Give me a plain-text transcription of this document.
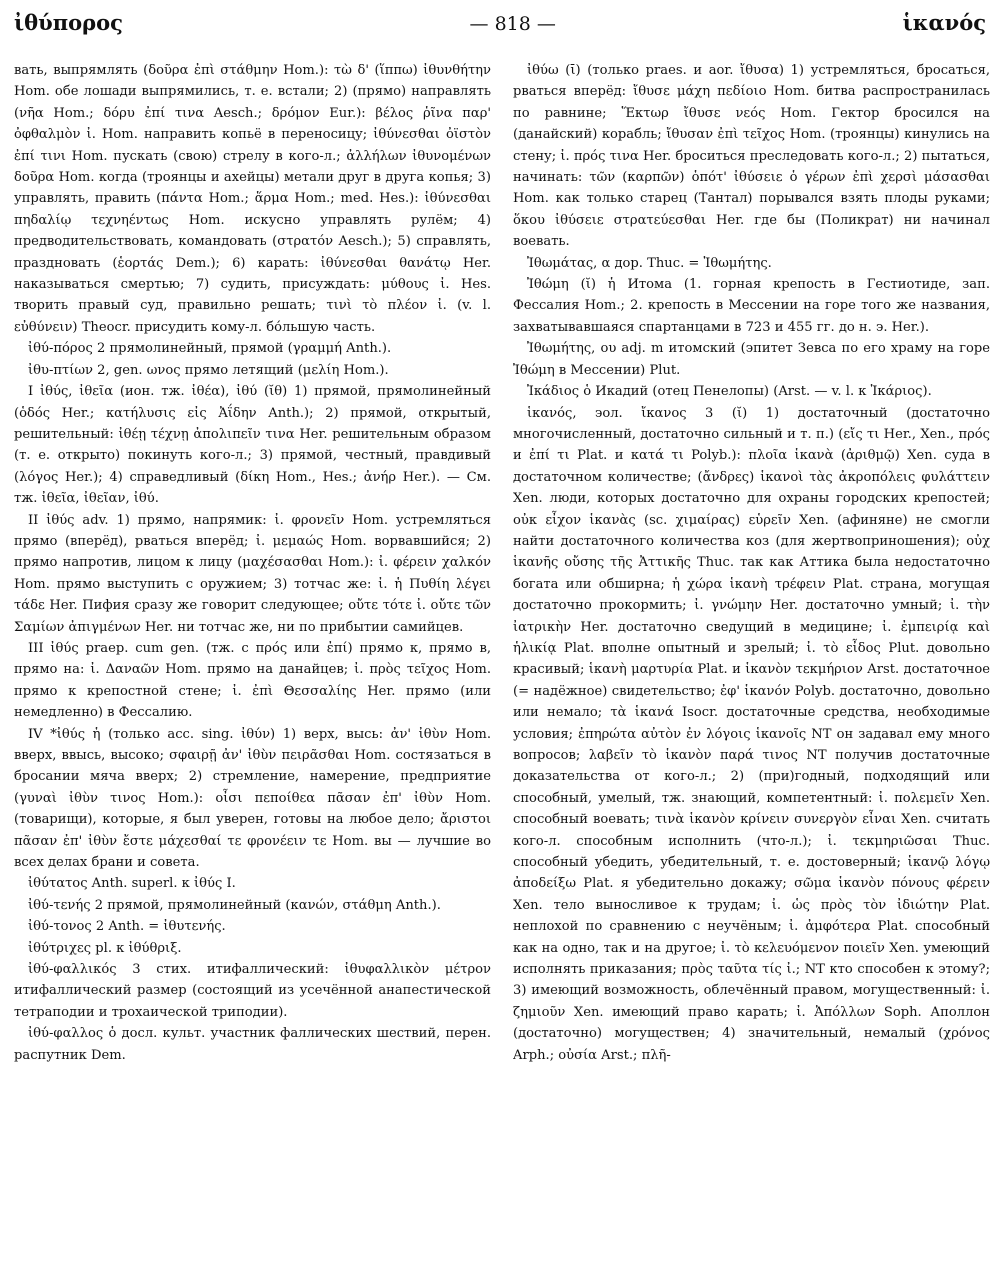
ἰθύπορος	— 818 —	ἱκανός

вать, выпрямлять (δοῦρα ἐπὶ στάθμην Hom.): τὼ δ' (ἵππω) ἰθυνθήτην Hom. обе лошади выпрямились, т. е. встали; 2) (прямо) направлять (νῆα Hom.; δόρυ ἐπί τινα Aesch.; δρόμον Eur.): βέλος ῥῖνα παρ' ὀφθαλμὸν ἰ. Hom. направить копьё в переносицу; ἰθύνεσθαι ὀϊστὸν ἐπί τινι Hom. пускать (свою) стрелу в кого-л.; ἀλλήλων ἰθυνομένων δοῦρα Hom. когда (троянцы и ахейцы) метали друг в друга копья; 3) управлять, править (πάντα Hom.; ἅρμα Hom.; med. Hes.): ἰθύνεσθαι πηδαλίῳ τεχνηέντως Hom. искусно управлять рулём; 4) предводительствовать, командовать (στρατόν Aesch.); 5) справлять, праздновать (ἑορτάς Dem.); 6) карать: ἰθύνεσθαι θανάτῳ Her. наказываться смертью; 7) судить, присуждать: μύθους ἰ. Hes. творить правый суд, правильно решать; τινὶ τὸ πλέον ἰ. (v. l. εὐθύνειν) Theocr. присудить кому-л. бо́льшую часть.

ἰθύ-πόρος 2 прямолинейный, прямой (γραμμή Anth.).

ἰθυ-πτίων 2, gen. ωνος прямо летящий (μελίη Hom.).

I ἰθύς, ἰθεῖα (ион. тж. ἰθέα), ἰθύ (ῐθ) 1) прямой, прямолинейный (ὁδός Her.; κατήλυσις εἰς Ἀΐδην Anth.); 2) прямой, открытый, решительный: ἰθέῃ τέχνῃ ἀπολιπεῖν τινα Her. решительным образом (т. е. открыто) покинуть кого-л.; 3) прямой, честный, правдивый (λόγος Her.); 4) справедливый (δίκη Hom., Hes.; ἀνήρ Her.). — См. тж. ἰθεῖα, ἰθεῖαν, ἰθύ.

II ἰθύς adv. 1) прямо, напрямик: ἰ. φρονεῖν Hom. устремляться прямо (вперёд), рваться вперёд; ἰ. μεμαώς Hom. ворвавшийся; 2) прямо напротив, лицом к лицу (μαχέσασθαι Hom.): ἰ. φέρειν χαλκόν Hom. прямо выступить с оружием; 3) тотчас же: ἰ. ἡ Πυθίη λέγει τάδε Her. Пифия сразу же говорит следующее; οὔτε τότε ἰ. οὔτε τῶν Σαμίων ἀπιγμένων Her. ни тотчас же, ни по прибытии самийцев.

III ἰθύς praep. cum gen. (тж. с πρός или ἐπί) прямо к, прямо в, прямо на: ἰ. Δαναῶν Hom. прямо на данайцев; ἰ. πρὸς τεῖχος Hom. прямо к крепостной стене; ἰ. ἐπὶ Θεσσαλίης Her. прямо (или немедленно) в Фессалию.

IV *ἰθύς ἡ (только acc. sing. ἰθύν) 1) верх, высь: ἀν' ἰθὺν Hom. вверх, ввысь, высоко; σφαιρῇ ἀν' ἰθὺν πειρᾶσθαι Hom. состязаться в бросании мяча вверх; 2) стремление, намерение, предприятие (γυναὶ ἰθὺν τινος Hom.): οἶσι πεποίθεα πᾶσαν ἐπ' ἰθὺν Hom. (товарищи), которые, я был уверен, готовы на любое дело; ἄριστοι πᾶσαν ἐπ' ἰθὺν ἔστε μάχεσθαί τε φρονέειν τε Hom. вы — лучшие во всех делах брани и совета.

ἰθύτατος Anth. superl. к ἰθύς I.

ἰθύ-τενής 2 прямой, прямолинейный (κανών, στάθμη Anth.).

ἰθύ-τονος 2 Anth. = ἰθυτενής.

ἰθύτριχες pl. к ἰθύθριξ.

ἰθύ-φαλλικός 3 стих. итифаллический: ἰθυφαλλικὸν μέτρον итифаллический размер (состоящий из усечённой анапестической тетраподии и трохаической триподии).

ἰθύ-φαλλος ὁ досл. культ. участник фаллических шествий, перен. распутник Dem.

ἰθύω (ῑ) (только praes. и aor. ἴθυσα) 1) устремляться, бросаться, рваться вперёд: ἴθυσε μάχη πεδίοιο Hom. битва распространилась по равнине; Ἕκτωρ ἴθυσε νεός Hom. Гектор бросился на (данайский) корабль; ἴθυσαν ἐπὶ τεῖχος Hom. (троянцы) кинулись на стену; ἰ. πρός τινα Her. броситься преследовать кого-л.; 2) пытаться, начинать: τῶν (καρπῶν) ὁπότ' ἰθύσειε ὁ γέρων ἐπὶ χερσὶ μάσασθαι Hom. как только старец (Тантал) порывался взять плоды руками; ὅκου ἰθύσειε στρατεύεσθαι Her. где бы (Поликрат) ни начинал воевать.

Ἰθωμάτας, α дор. Thuc. = Ἰθωμήτης.

Ἰθώμη (ῐ) ἡ Итома (1. горная крепость в Гестиотиде, зап. Фессалия Hom.; 2. крепость в Мессении на горе того же названия, захватывавшаяся спартанцами в 723 и 455 гг. до н. э. Her.).

Ἰθωμήτης, ου adj. m итомский (эпитет Зевса по его храму на горе Ἰθώμη в Мессении) Plut.

Ἰκάδιος ὁ Икадий (отец Пенелопы) (Arst. — v. l. к Ἰκάριος).

ἱκανός, эол. ἴκανος 3 (ῐ) 1) достаточный (достаточно многочисленный, достаточно сильный и т. п.) (εἴς τι Her., Xen., πρός и ἐπί τι Plat. и κατά τι Polyb.): πλοῖα ἱκανὰ (ἀριθμῷ) Xen. суда в достаточном количестве; (ἄνδρες) ἱκανοὶ τὰς ἀκροπόλεις φυλάττειν Xen. люди, которых достаточно для охраны городских крепостей; οὐκ εἶχον ἱκανὰς (sc. χιμαίρας) εὑρεῖν Xen. (афиняне) не смогли найти достаточного количества коз (для жертвоприношения); οὐχ ἱκανῆς οὔσης τῆς Ἀττικῆς Thuc. так как Аттика была недостаточно богата или обширна; ἡ χώρα ἱκανὴ τρέφειν Plat. страна, могущая достаточно прокормить; ἰ. γνώμην Her. достаточно умный; ἰ. τὴν ἰατρικὴν Her. достаточно сведущий в медицине; ἰ. ἐμπειρίᾳ καὶ ἡλικίᾳ Plat. вполне опытный и зрелый; ἰ. τὸ εἶδος Plut. довольно красивый; ἱκανὴ μαρτυρία Plat. и ἱκανὸν τεκμήριον Arst. достаточное (= надёжное) свидетельство; ἐφ' ἱκανόν Polyb. достаточно, довольно или немало; τὰ ἱκανά Isocr. достаточные средства, необходимые условия; ἐπηρώτα αὐτὸν ἐν λόγοις ἱκανοῖς NT он задавал ему много вопросов; λαβεῖν τὸ ἱκανὸν παρά τινος NT получив достаточные доказательства от кого-л.; 2) (при)годный, подходящий или способный, умелый, тж. знающий, компетентный: ἰ. πολεμεῖν Xen. способный воевать; τινὰ ἱκανὸν κρίνειν συνεργὸν εἶναι Xen. считать кого-л. способным исполнить (что-л.); ἰ. τεκμηριῶσαι Thuc. способный убедить, убедительный, т. е. достоверный; ἱκανῷ λόγῳ ἀποδείξω Plat. я убедительно докажу; σῶμα ἱκανὸν πόνους φέρειν Xen. тело выносливое к трудам; ἰ. ὡς πρὸς τὸν ἰδιώτην Plat. неплохой по сравнению с неучёным; ἰ. ἀμφότερα Plat. способный как на одно, так и на другое; ἰ. τὸ κελευόμενον ποιεῖν Xen. умеющий исполнять приказания; πρὸς ταῦτα τίς ἰ.; NT кто способен к этому?; 3) имеющий возможность, облечённый правом, могущественный: ἰ. ζημιοῦν Xen. имеющий право карать; ἰ. Ἀπόλλων Soph. Аполлон (достаточно) могуществен; 4) значительный, немалый (χρόνος Arph.; οὐσία Arst.; πλῆ-
